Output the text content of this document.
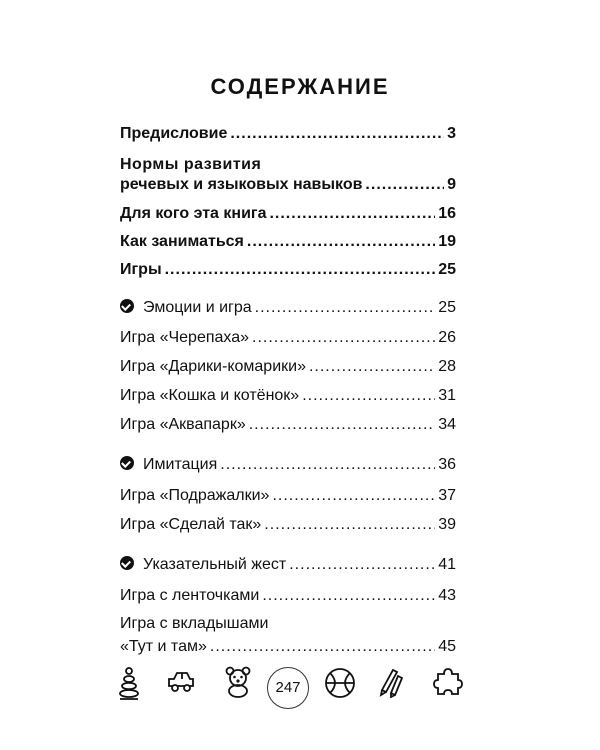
СОДЕРЖАНИЕ
Предисловие .....	3
Нормы развития
речевых и языковых навыков .....	9
Для кого эта книга .....	16
Как заниматься .....	19
Игры .....	25
Эмоции и игра .....	25
Игра «Черепаха» .....	26
Игра «Дарики-комарики» .....	28
Игра «Кошка и котёнок» .....	31
Игра «Аквапарк» .....	34
Имитация .....	36
Игра «Подражалки» .....	37
Игра «Сделай так» .....	39
Указательный жест .....	41
Игра с ленточками .....	43
Игра с вкладышами
«Тут и там» .....	45
247
